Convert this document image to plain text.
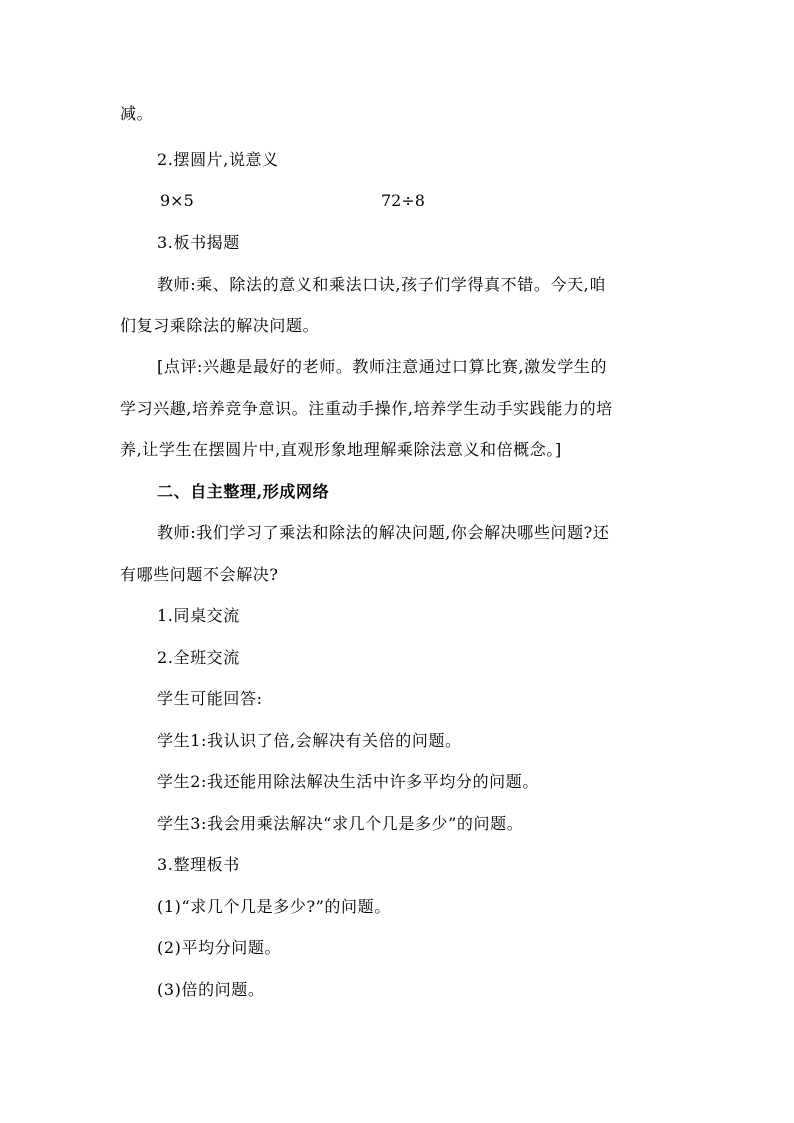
减。
2.摆圆片,说意义
9×5	72÷8
3.板书揭题
教师:乘、除法的意义和乘法口诀,孩子们学得真不错。今天,咱
们复习乘除法的解决问题。
[点评:兴趣是最好的老师。教师注意通过口算比赛,激发学生的
学习兴趣,培养竞争意识。注重动手操作,培养学生动手实践能力的培
养,让学生在摆圆片中,直观形象地理解乘除法意义和倍概念。]
二、自主整理,形成网络
教师:我们学习了乘法和除法的解决问题,你会解决哪些问题?还
有哪些问题不会解决?
1.同桌交流
2.全班交流
学生可能回答:
学生1:我认识了倍,会解决有关倍的问题。
学生2:我还能用除法解决生活中许多平均分的问题。
学生3:我会用乘法解决“求几个几是多少”的问题。
3.整理板书
(1)“求几个几是多少?”的问题。
(2)平均分问题。
(3)倍的问题。
